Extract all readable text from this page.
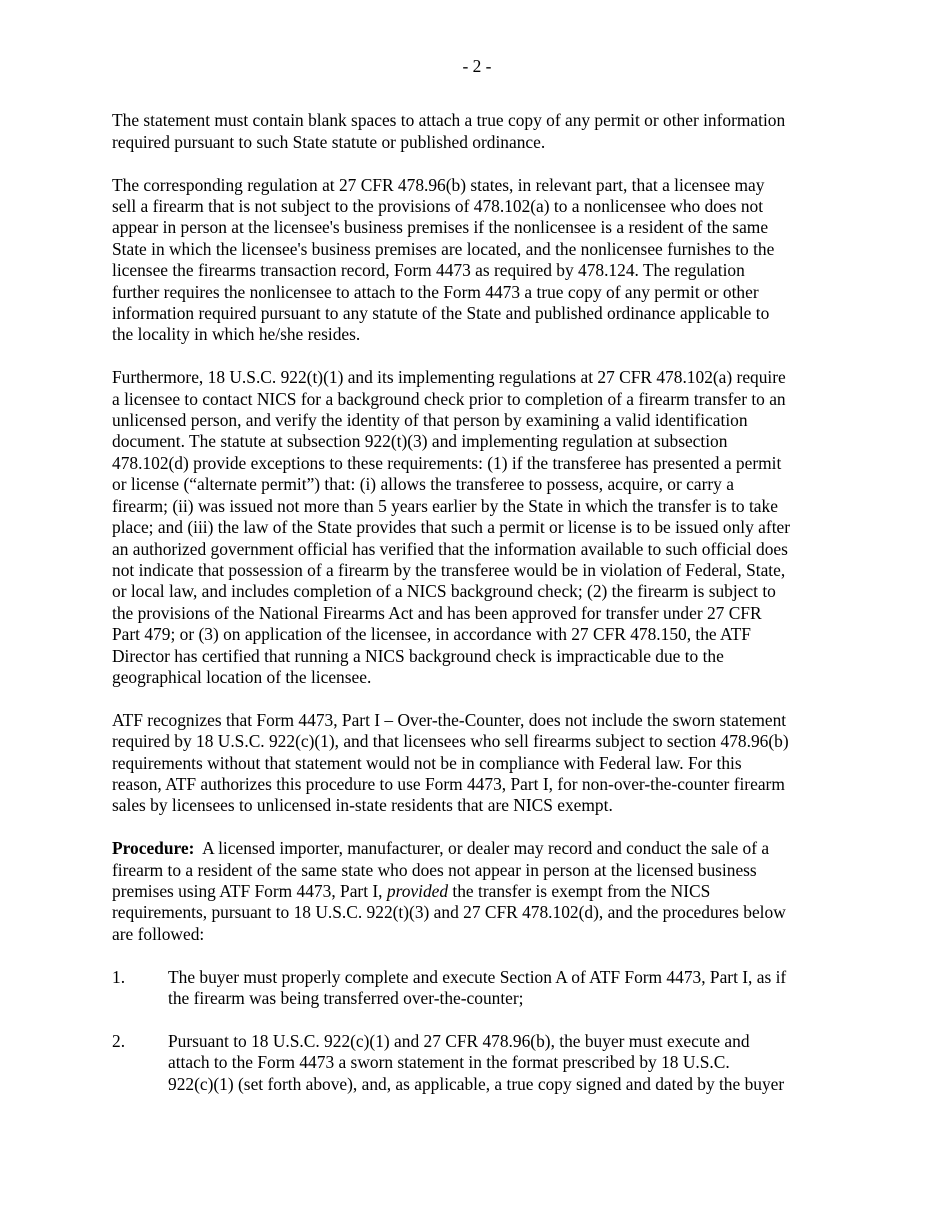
- 2 -

The statement must contain blank spaces to attach a true copy of any permit or other information
required pursuant to such State statute or published ordinance.

The corresponding regulation at 27 CFR 478.96(b) states, in relevant part, that a licensee may
sell a firearm that is not subject to the provisions of 478.102(a) to a nonlicensee who does not
appear in person at the licensee's business premises if the nonlicensee is a resident of the same
State in which the licensee's business premises are located, and the nonlicensee furnishes to the
licensee the firearms transaction record, Form 4473 as required by 478.124. The regulation
further requires the nonlicensee to attach to the Form 4473 a true copy of any permit or other
information required pursuant to any statute of the State and published ordinance applicable to
the locality in which he/she resides.

Furthermore, 18 U.S.C. 922(t)(1) and its implementing regulations at 27 CFR 478.102(a) require
a licensee to contact NICS for a background check prior to completion of a firearm transfer to an
unlicensed person, and verify the identity of that person by examining a valid identification
document. The statute at subsection 922(t)(3) and implementing regulation at subsection
478.102(d) provide exceptions to these requirements: (1) if the transferee has presented a permit
or license (“alternate permit”) that: (i) allows the transferee to possess, acquire, or carry a
firearm; (ii) was issued not more than 5 years earlier by the State in which the transfer is to take
place; and (iii) the law of the State provides that such a permit or license is to be issued only after
an authorized government official has verified that the information available to such official does
not indicate that possession of a firearm by the transferee would be in violation of Federal, State,
or local law, and includes completion of a NICS background check; (2) the firearm is subject to
the provisions of the National Firearms Act and has been approved for transfer under 27 CFR
Part 479; or (3) on application of the licensee, in accordance with 27 CFR 478.150, the ATF
Director has certified that running a NICS background check is impracticable due to the
geographical location of the licensee.

ATF recognizes that Form 4473, Part I – Over-the-Counter, does not include the sworn statement
required by 18 U.S.C. 922(c)(1), and that licensees who sell firearms subject to section 478.96(b)
requirements without that statement would not be in compliance with Federal law. For this
reason, ATF authorizes this procedure to use Form 4473, Part I, for non-over-the-counter firearm
sales by licensees to unlicensed in-state residents that are NICS exempt.

Procedure:  A licensed importer, manufacturer, or dealer may record and conduct the sale of a
firearm to a resident of the same state who does not appear in person at the licensed business
premises using ATF Form 4473, Part I, provided the transfer is exempt from the NICS
requirements, pursuant to 18 U.S.C. 922(t)(3) and 27 CFR 478.102(d), and the procedures below
are followed:

1.	The buyer must properly complete and execute Section A of ATF Form 4473, Part I, as if
the firearm was being transferred over-the-counter;
2.	Pursuant to 18 U.S.C. 922(c)(1) and 27 CFR 478.96(b), the buyer must execute and
attach to the Form 4473 a sworn statement in the format prescribed by 18 U.S.C.
922(c)(1) (set forth above), and, as applicable, a true copy signed and dated by the buyer
